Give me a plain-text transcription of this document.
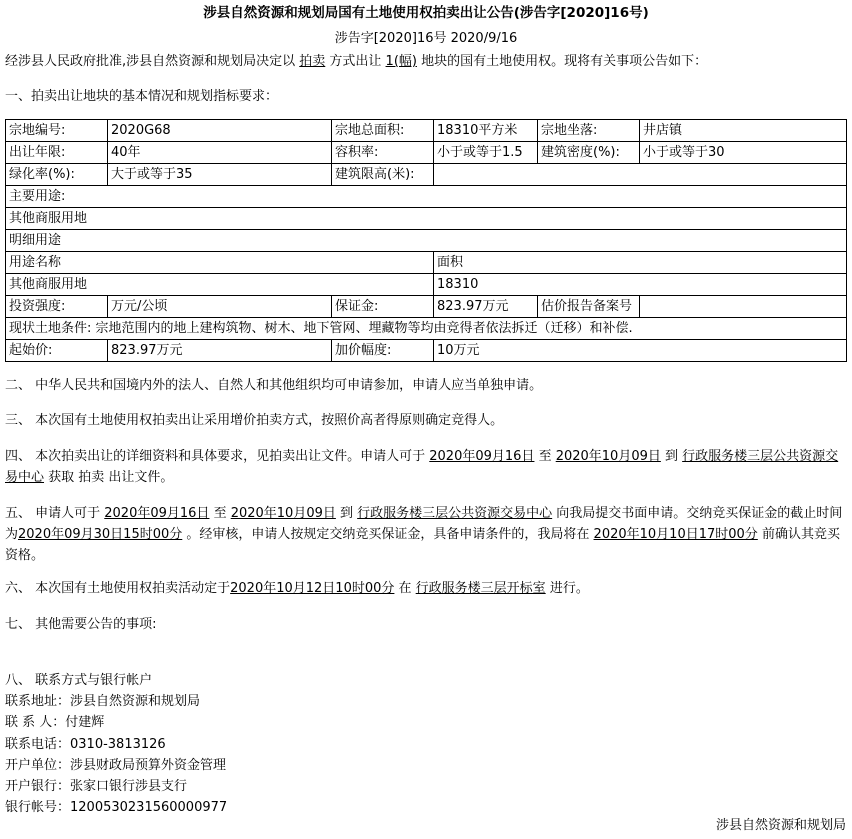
涉县自然资源和规划局国有土地使用权拍卖出让公告(涉告字[2020]16号)
涉告字[2020]16号 2020/9/16
经涉县人民政府批准,涉县自然资源和规划局决定以 拍卖 方式出让 1(幅) 地块的国有土地使用权。现将有关事项公告如下：
一、拍卖出让地块的基本情况和规划指标要求：
宗地编号:	2020G68	宗地总面积:	18310平方米	宗地坐落:	井店镇
出让年限:	40年	容积率:	小于或等于1.5	建筑密度(%):	小于或等于30
绿化率(%):	大于或等于35	建筑限高(米):			
主要用途:					
其他商服用地					
明细用途					
用途名称			面积		
其他商服用地			18310		
投资强度:	万元/公顷	保证金:	823.97万元	估价报告备案号	
现状土地条件: 宗地范围内的地上建构筑物、树木、地下管网、埋藏物等均由竞得者依法拆迁（迁移）和补偿.					
起始价:	823.97万元	加价幅度:	10万元		
二、 中华人民共和国境内外的法人、自然人和其他组织均可申请参加，申请人应当单独申请。
三、 本次国有土地使用权拍卖出让采用增价拍卖方式，按照价高者得原则确定竞得人。
四、 本次拍卖出让的详细资料和具体要求，见拍卖出让文件。申请人可于 2020年09月16日 至 2020年10月09日 到 行政服务楼三层公共资源交易中心 获取 拍卖 出让文件。
五、 申请人可于 2020年09月16日 至 2020年10月09日 到 行政服务楼三层公共资源交易中心 向我局提交书面申请。交纳竞买保证金的截止时间为2020年09月30日15时00分 。经审核，申请人按规定交纳竞买保证金，具备申请条件的，我局将在 2020年10月10日17时00分 前确认其竞买资格。
六、 本次国有土地使用权拍卖活动定于2020年10月12日10时00分 在 行政服务楼三层开标室 进行。
七、 其他需要公告的事项:
八、 联系方式与银行帐户
联系地址：涉县自然资源和规划局
联 系 人：付建辉
联系电话：0310-3813126
开户单位：涉县财政局预算外资金管理
开户银行：张家口银行涉县支行
银行帐号：1200530231560000977
涉县自然资源和规划局
